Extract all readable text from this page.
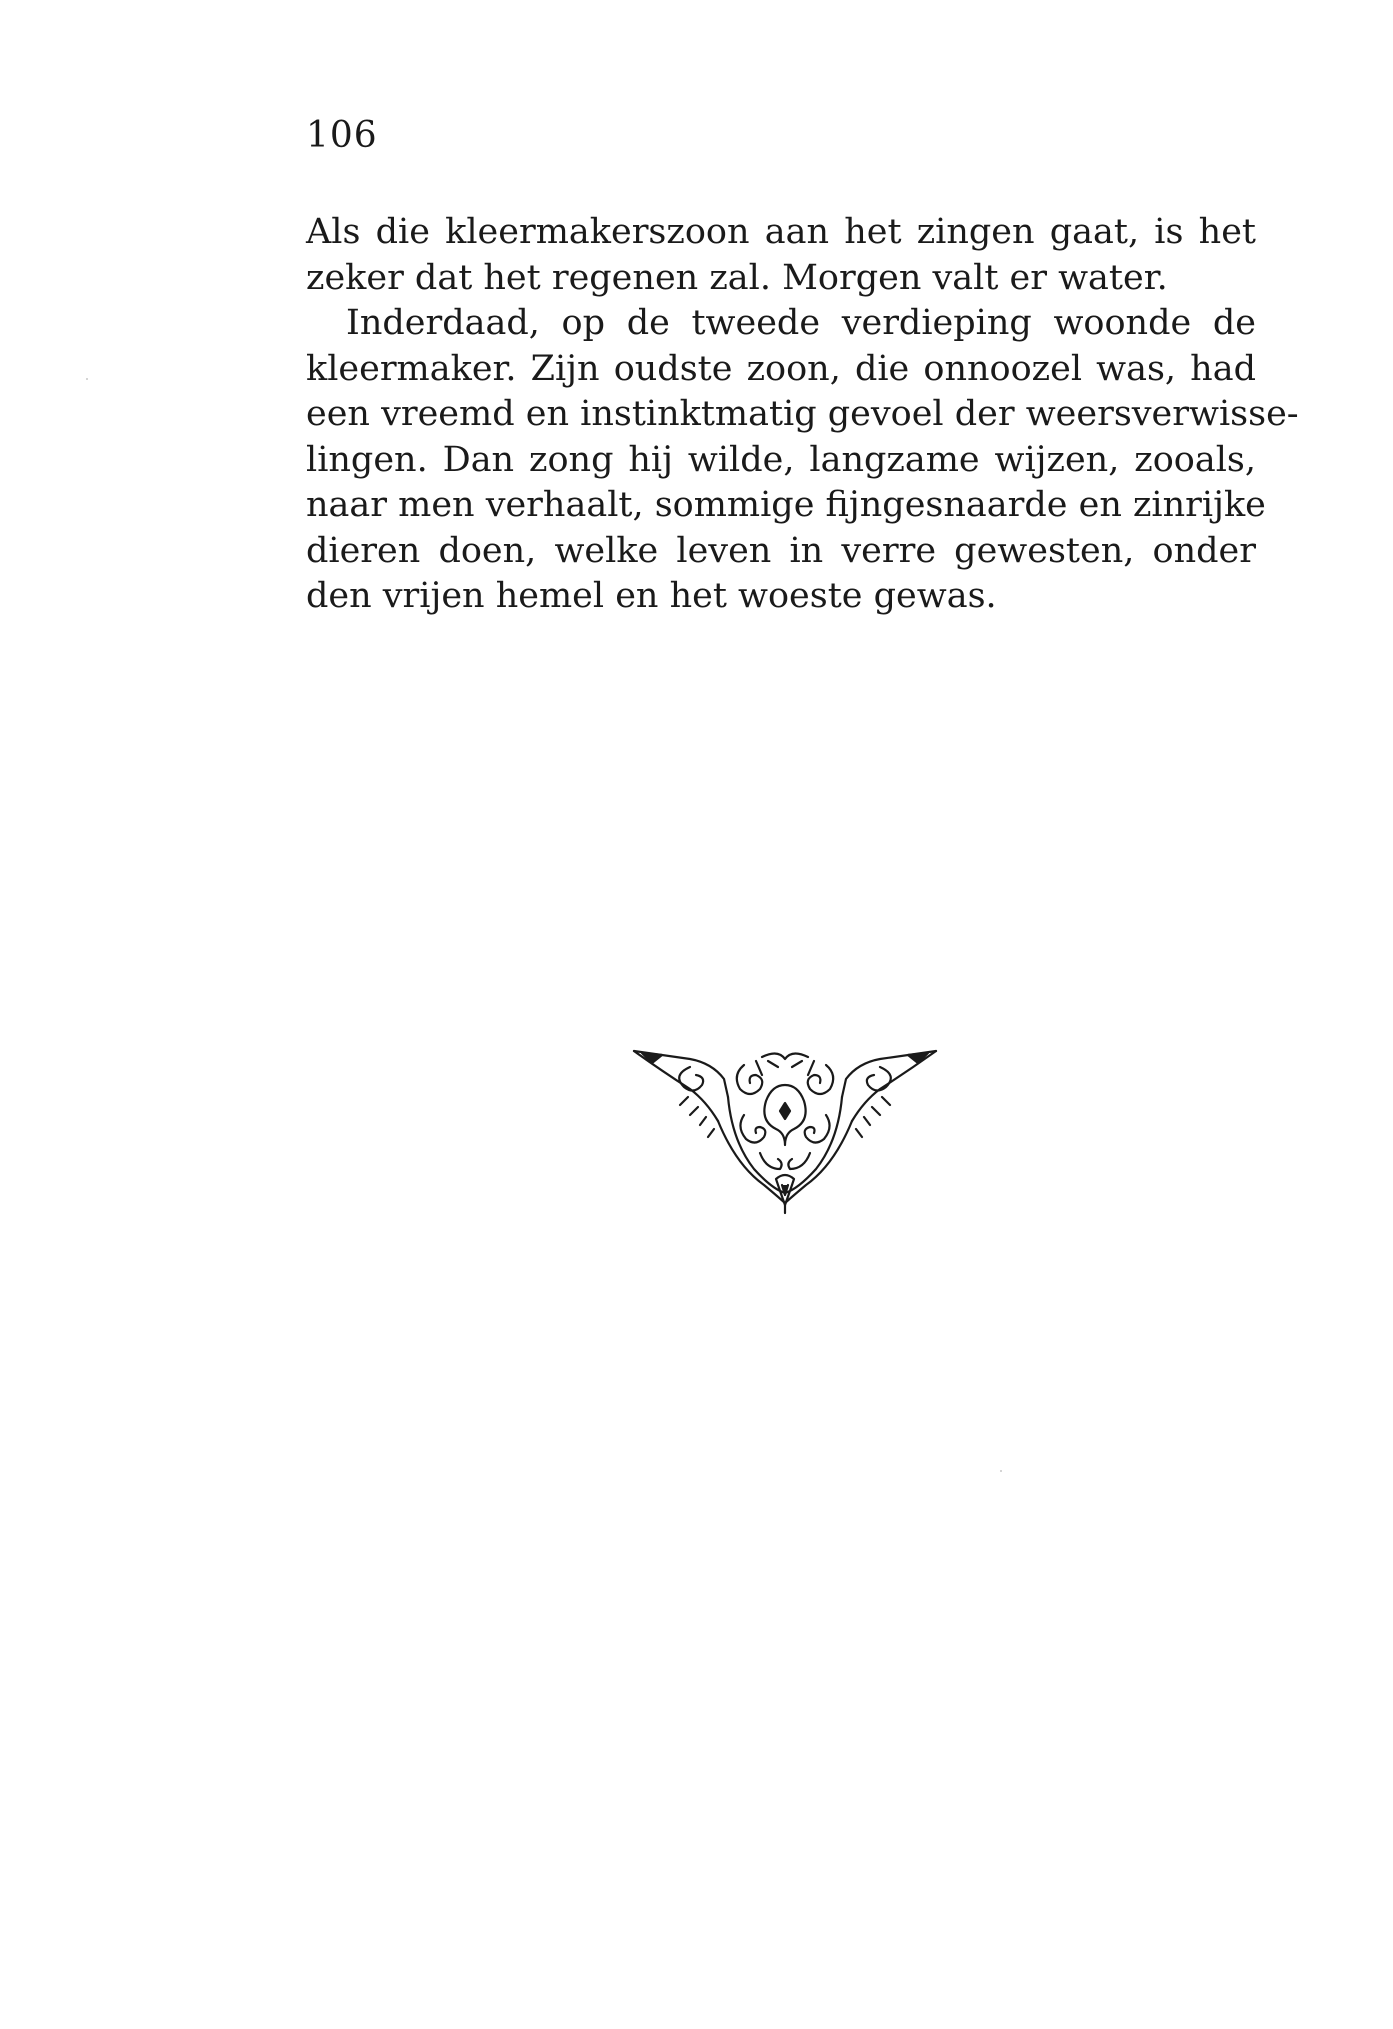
106

Als die kleermakerszoon aan het zingen gaat, is het
zeker dat het regenen zal. Morgen valt er water.

Inderdaad, op de tweede verdieping woonde de
kleermaker. Zijn oudste zoon, die onnoozel was, had
een vreemd en instinktmatig gevoel der weersverwisse-
lingen. Dan zong hij wilde, langzame wijzen, zooals,
naar men verhaalt, sommige fijngesnaarde en zinrijke
dieren doen, welke leven in verre gewesten, onder
den vrijen hemel en het woeste gewas.
